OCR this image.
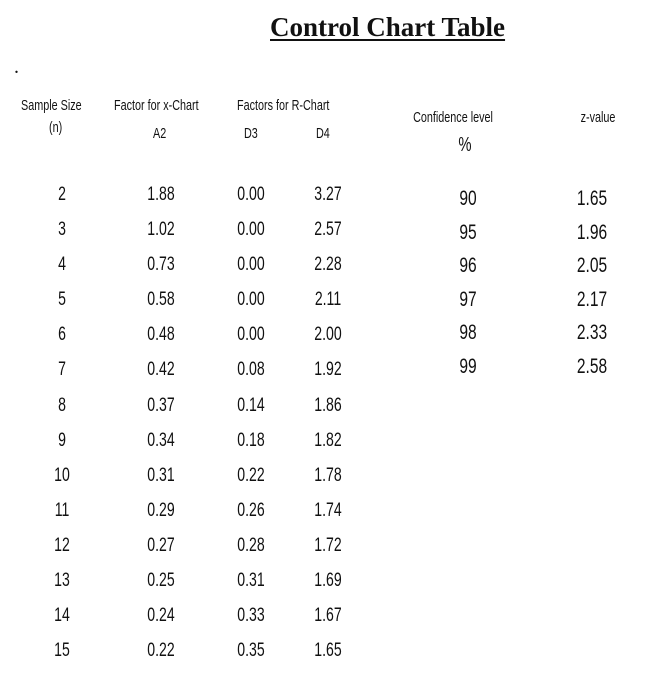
Control Chart Table
.
Sample Size
(n)
Factor for x-Chart
A2
Factors for R-Chart
D3	D4
2
3
4
5
6
7
8
9
10
11
12
13
14
15
1.88
1.02
0.73
0.58
0.48
0.42
0.37
0.34
0.31
0.29
0.27
0.25
0.24
0.22
0.00
0.00
0.00
0.00
0.00
0.08
0.14
0.18
0.22
0.26
0.28
0.31
0.33
0.35
3.27
2.57
2.28
2.11
2.00
1.92
1.86
1.82
1.78
1.74
1.72
1.69
1.67
1.65
Confidence level
%
z-value
90
95
96
97
98
99
1.65
1.96
2.05
2.17
2.33
2.58
